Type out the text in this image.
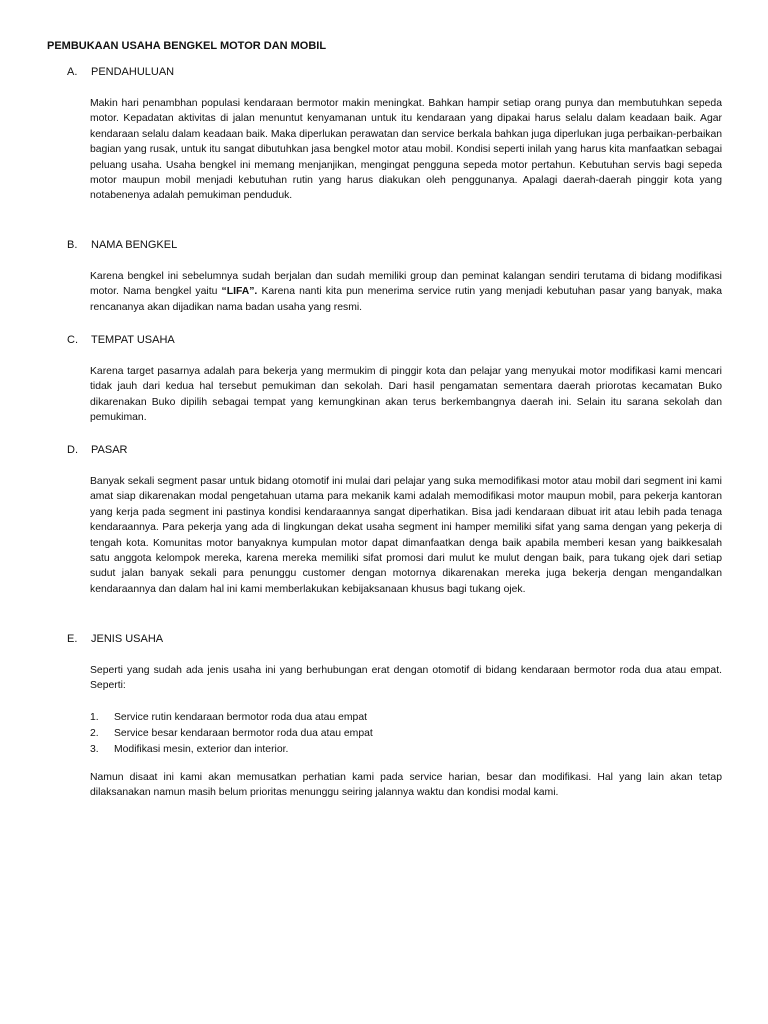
PEMBUKAAN USAHA BENGKEL MOTOR DAN MOBIL
A. PENDAHULUAN

Makin hari penambhan populasi kendaraan bermotor makin meningkat. Bahkan hampir setiap orang punya dan membutuhkan sepeda motor. Kepadatan aktivitas di jalan menuntut kenyamanan untuk itu kendaraan yang dipakai harus selalu dalam keadaan baik. Agar kendaraan selalu dalam keadaan baik. Maka diperlukan perawatan dan service berkala bahkan juga diperlukan juga perbaikan-perbaikan bagian yang rusak, untuk itu sangat dibutuhkan jasa bengkel motor atau mobil. Kondisi seperti inilah yang harus kita manfaatkan sebagai peluang usaha. Usaha bengkel ini memang menjanjikan, mengingat pengguna sepeda motor pertahun. Kebutuhan servis bagi sepeda motor maupun mobil menjadi kebutuhan rutin yang harus diakukan oleh penggunanya. Apalagi daerah-daerah pinggir kota yang notabenenya adalah pemukiman penduduk.

B. NAMA BENGKEL

Karena bengkel ini sebelumnya sudah berjalan dan sudah memiliki group dan peminat kalangan sendiri terutama di bidang modifikasi motor. Nama bengkel yaitu “LIFA”. Karena nanti kita pun menerima service rutin yang menjadi kebutuhan pasar yang banyak, maka rencananya akan dijadikan nama badan usaha yang resmi.

C. TEMPAT USAHA

Karena target pasarnya adalah para bekerja yang mermukim di pinggir kota dan pelajar yang menyukai motor modifikasi kami mencari tidak jauh dari kedua hal tersebut pemukiman dan sekolah. Dari hasil pengamatan sementara daerah priorotas kecamatan Buko dikarenakan Buko dipilih sebagai tempat yang kemungkinan akan terus berkembangnya daerah ini. Selain itu sarana sekolah dan pemukiman.

D. PASAR

Banyak sekali segment pasar untuk bidang otomotif ini mulai dari pelajar yang suka memodifikasi motor atau mobil dari segment ini kami amat siap dikarenakan modal pengetahuan utama para mekanik kami adalah memodifikasi motor maupun mobil, para pekerja kantoran yang kerja pada segment ini pastinya kondisi kendaraannya sangat diperhatikan. Bisa jadi kendaraan dibuat irit atau lebih pada tenaga kendaraannya. Para pekerja yang ada di lingkungan dekat usaha segment ini hamper memiliki sifat yang sama dengan yang pekerja di tengah kota. Komunitas motor banyaknya kumpulan motor dapat dimanfaatkan denga baik apabila memberi kesan yang baikkesalah satu anggota kelompok mereka, karena mereka memiliki sifat promosi dari mulut ke mulut dengan baik, para tukang ojek dari setiap sudut jalan banyak sekali para penunggu customer dengan motornya dikarenakan mereka juga bekerja dengan mengandalkan kendaraannya dan dalam hal ini kami memberlakukan kebijaksanaan khusus bagi tukang ojek.

E. JENIS USAHA

Seperti yang sudah ada jenis usaha ini yang berhubungan erat dengan otomotif di bidang kendaraan bermotor roda dua atau empat. Seperti:

1. Service rutin kendaraan bermotor roda dua atau empat
2. Service besar kendaraan bermotor roda dua atau empat
3. Modifikasi mesin, exterior dan interior.

Namun disaat ini kami akan memusatkan perhatian kami pada service harian, besar dan modifikasi. Hal yang lain akan tetap dilaksanakan namun masih belum prioritas menunggu seiring jalannya waktu dan kondisi modal kami.
